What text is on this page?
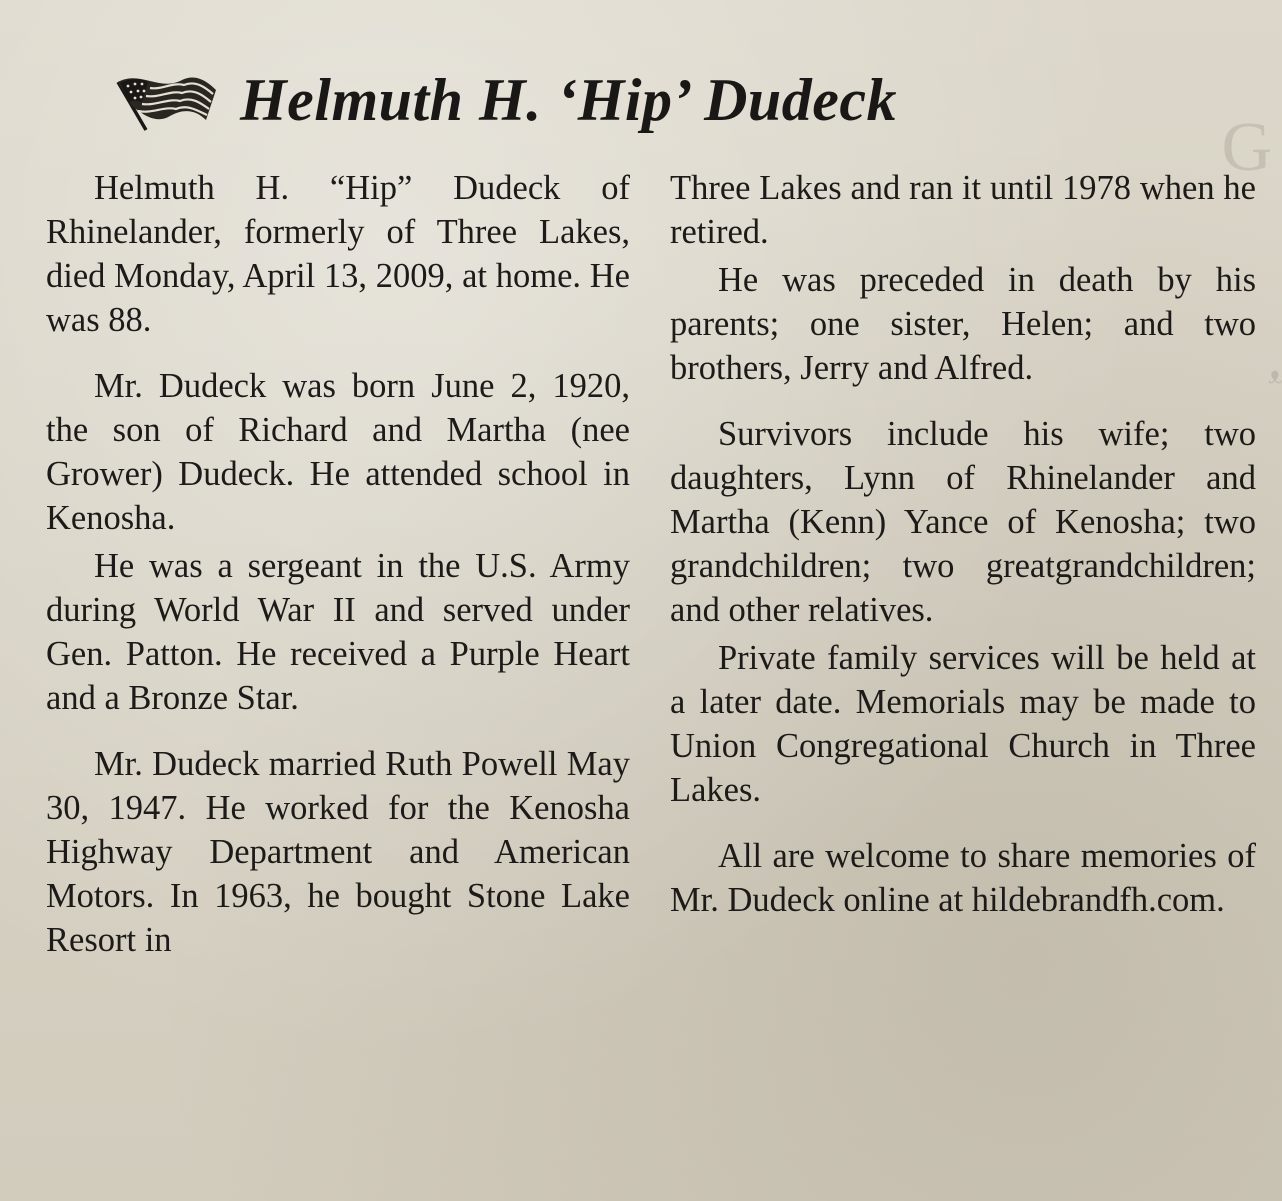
G
ᴥ
Helmuth H. ‘Hip’ Dudeck

Helmuth H. “Hip” Dudeck of Rhinelander, formerly of Three Lakes, died Monday, April 13, 2009, at home. He was 88.

Mr. Dudeck was born June 2, 1920, the son of Richard and Martha (nee Grower) Dudeck. He attended school in Kenosha.

He was a sergeant in the U.S. Army during World War II and served under Gen. Patton. He received a Purple Heart and a Bronze Star.

Mr. Dudeck married Ruth Powell May 30, 1947. He worked for the Kenosha Highway Department and American Motors. In 1963, he bought Stone Lake Resort in

Three Lakes and ran it until 1978 when he retired.

He was preceded in death by his parents; one sister, Helen; and two brothers, Jerry and Alfred.

Survivors include his wife; two daughters, Lynn of Rhinelander and Martha (Kenn) Yance of Kenosha; two grandchildren; two greatgrandchildren; and other relatives.

Private family services will be held at a later date. Memorials may be made to Union Congregational Church in Three Lakes.

All are welcome to share memories of Mr. Dudeck online at hildebrandfh.com.
